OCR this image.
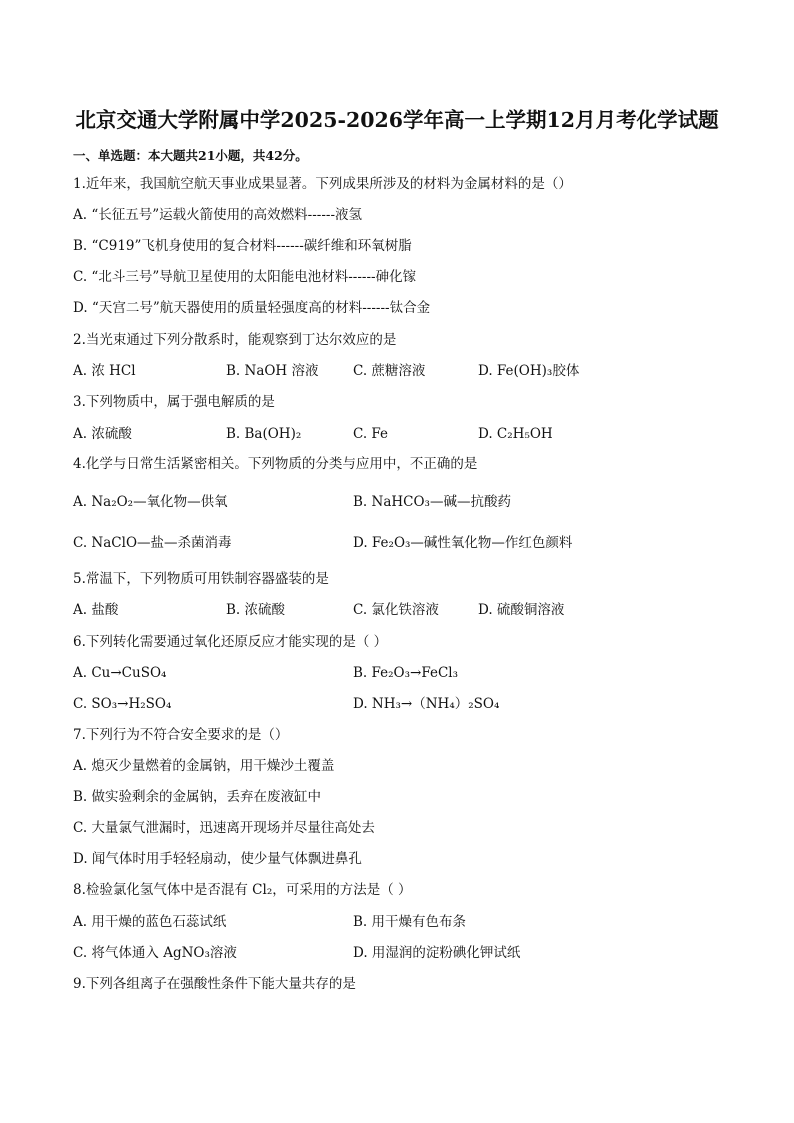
北京交通大学附属中学2025-2026学年高一上学期12月月考化学试题
一、单选题：本大题共21小题，共42分。
1.近年来，我国航空航天事业成果显著。下列成果所涉及的材料为金属材料的是（）
A. “长征五号”运载火箭使用的高效燃料------液氢
B. “C919”飞机身使用的复合材料------碳纤维和环氧树脂
C. “北斗三号”导航卫星使用的太阳能电池材料------砷化镓
D. “天宫二号”航天器使用的质量轻强度高的材料------钛合金
2.当光束通过下列分散系时，能观察到丁达尔效应的是
A. 浓 HCl	B. NaOH 溶液	C. 蔗糖溶液	D. Fe(OH)₃胶体
3.下列物质中，属于强电解质的是
A. 浓硫酸	B. Ba(OH)₂	C. Fe	D. C₂H₅OH
4.化学与日常生活紧密相关。下列物质的分类与应用中，不正确的是
A. Na₂O₂—氧化物—供氧	B. NaHCO₃—碱—抗酸药
C. NaClO—盐—杀菌消毒	D. Fe₂O₃—碱性氧化物—作红色颜料
5.常温下，下列物质可用铁制容器盛装的是
A. 盐酸	B. 浓硫酸	C. 氯化铁溶液	D. 硫酸铜溶液
6.下列转化需要通过氧化还原反应才能实现的是（ ）
A. Cu→CuSO₄	B. Fe₂O₃→FeCl₃
C. SO₃→H₂SO₄	D. NH₃→（NH₄）₂SO₄
7.下列行为不符合安全要求的是（）
A. 熄灭少量燃着的金属钠，用干燥沙土覆盖
B. 做实验剩余的金属钠，丢弃在废液缸中
C. 大量氯气泄漏时，迅速离开现场并尽量往高处去
D. 闻气体时用手轻轻扇动，使少量气体飘进鼻孔
8.检验氯化氢气体中是否混有 Cl₂，可采用的方法是（ ）
A. 用干燥的蓝色石蕊试纸	B. 用干燥有色布条
C. 将气体通入 AgNO₃溶液	D. 用湿润的淀粉碘化钾试纸
9.下列各组离子在强酸性条件下能大量共存的是
